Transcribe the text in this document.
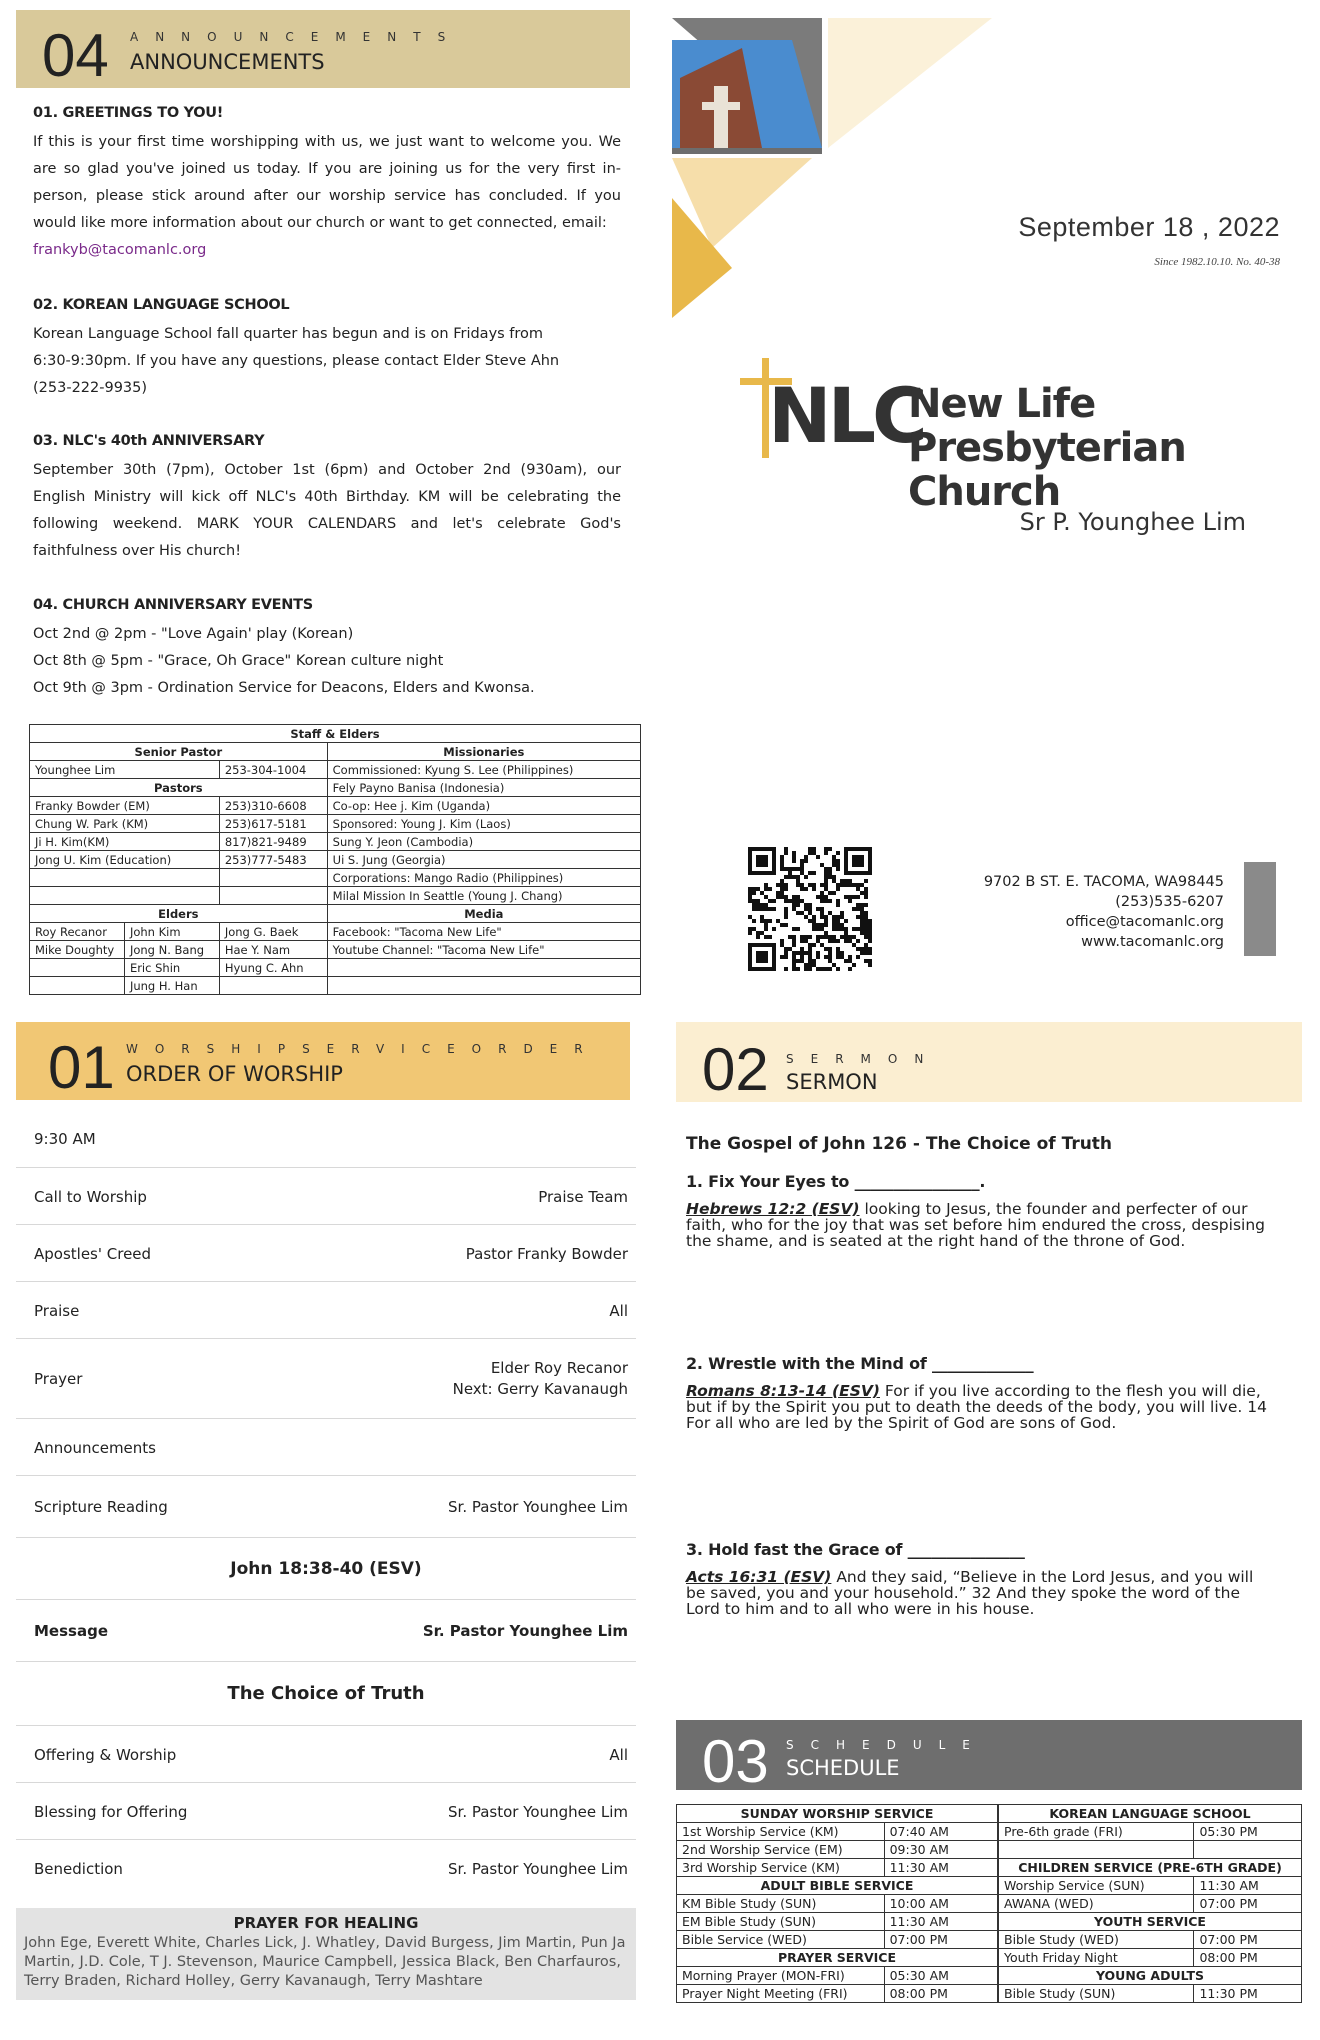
04 ANNOUNCEMENTS
ANNOUNCEMENTS
01. GREETINGS TO YOU!

If this is your first time worshipping with us, we just want to welcome you. We are so glad you've joined us today. If you are joining us for the very first in-person, please stick around after our worship service has concluded. If you would like more information about our church or want to get connected, email:
frankyb@tacomanlc.org

02. KOREAN LANGUAGE SCHOOL
Korean Language School fall quarter has begun and is on Fridays from
6:30-9:30pm. If you have any questions, please contact Elder Steve Ahn
(253-222-9935)
03. NLC's 40th ANNIVERSARY

September 30th (7pm), October 1st (6pm) and October 2nd (930am), our English Ministry will kick off NLC's 40th Birthday. KM will be celebrating the following weekend. MARK YOUR CALENDARS and let's celebrate God's faithfulness over His church!

04. CHURCH ANNIVERSARY EVENTS
Oct 2nd @ 2pm - "Love Again' play (Korean)
Oct 8th @ 5pm - "Grace, Oh Grace" Korean culture night
Oct 9th @ 3pm - Ordination Service for Deacons, Elders and Kwonsa.
Staff & Elders			
Senior Pastor			Missionaries
Younghee Lim		253-304-1004	Commissioned: Kyung S. Lee (Philippines)
Pastors			Fely Payno Banisa (Indonesia)
Franky Bowder (EM)		253)310-6608	Co-op: Hee j. Kim (Uganda)
Chung W. Park (KM)		253)617-5181	Sponsored: Young J. Kim (Laos)
Ji H. Kim(KM)		817)821-9489	Sung Y. Jeon (Cambodia)
Jong U. Kim (Education)		253)777-5483	Ui S. Jung (Georgia)
			Corporations: Mango Radio (Philippines)
			Milal Mission In Seattle (Young J. Chang)
Elders			Media
Roy Recanor	John Kim	Jong G. Baek	Facebook: "Tacoma New Life"
Mike Doughty	Jong N. Bang	Hae Y. Nam	Youtube Channel: "Tacoma New Life"
	Eric Shin	Hyung C. Ahn	
	Jung H. Han		
September 18 , 2022
Since 1982.10.10. No. 40-38
NLC
New Life
Presbyterian Church
Sr P. Younghee Lim
9702 B ST. E. TACOMA, WA98445
(253)535-6207
office@tacomanlc.org
www.tacomanlc.org
01 WORSHIPSERVICEORDER
ORDER OF WORSHIP
9:30 AM
Call to Worship	Praise Team
Apostles' Creed	Pastor Franky Bowder
Praise	All
Prayer
Elder Roy Recanor
Next: Gerry Kavanaugh
Announcements
Scripture Reading	Sr. Pastor Younghee Lim
John 18:38-40 (ESV)
Message	Sr. Pastor Younghee Lim
The Choice of Truth
Offering & Worship	All
Blessing for Offering	Sr. Pastor Younghee Lim
Benediction	Sr. Pastor Younghee Lim
PRAYER FOR HEALING
John Ege, Everett White, Charles Lick, J. Whatley, David Burgess, Jim Martin, Pun Ja Martin, J.D. Cole, T J. Stevenson, Maurice Campbell, Jessica Black, Ben Charfauros, Terry Braden, Richard Holley, Gerry Kavanaugh, Terry Mashtare
02 SERMON
SERMON
The Gospel of John 126 - The Choice of Truth
1. Fix Your Eyes to ________________.
Hebrews 12:2 (ESV) looking to Jesus, the founder and perfecter of our faith, who for the joy that was set before him endured the cross, despising the shame, and is seated at the right hand of the throne of God.
2. Wrestle with the Mind of _____________
Romans 8:13-14 (ESV) For if you live according to the flesh you will die, but if by the Spirit you put to death the deeds of the body, you will live. 14 For all who are led by the Spirit of God are sons of God.
3. Hold fast the Grace of _______________
Acts 16:31 (ESV) And they said, “Believe in the Lord Jesus, and you will be saved, you and your household.” 32 And they spoke the word of the Lord to him and to all who were in his house.
03 SCHEDULE
SCHEDULE
SUNDAY WORSHIP SERVICE	
1st Worship Service (KM)	07:40 AM
2nd Worship Service (EM)	09:30 AM
3rd Worship Service (KM)	11:30 AM
ADULT BIBLE SERVICE	
KM Bible Study (SUN)	10:00 AM
EM Bible Study (SUN)	11:30 AM
Bible Service (WED)	07:00 PM
PRAYER SERVICE	
Morning Prayer (MON-FRI)	05:30 AM
Prayer Night Meeting (FRI)	08:00 PM
KOREAN LANGUAGE SCHOOL	
Pre-6th grade (FRI)	05:30 PM

CHILDREN SERVICE (PRE-6TH GRADE)	
Worship Service (SUN)	11:30 AM
AWANA (WED)	07:00 PM
YOUTH SERVICE	
Bible Study (WED)	07:00 PM
Youth Friday Night	08:00 PM
YOUNG ADULTS	
Bible Study (SUN)	11:30 PM
